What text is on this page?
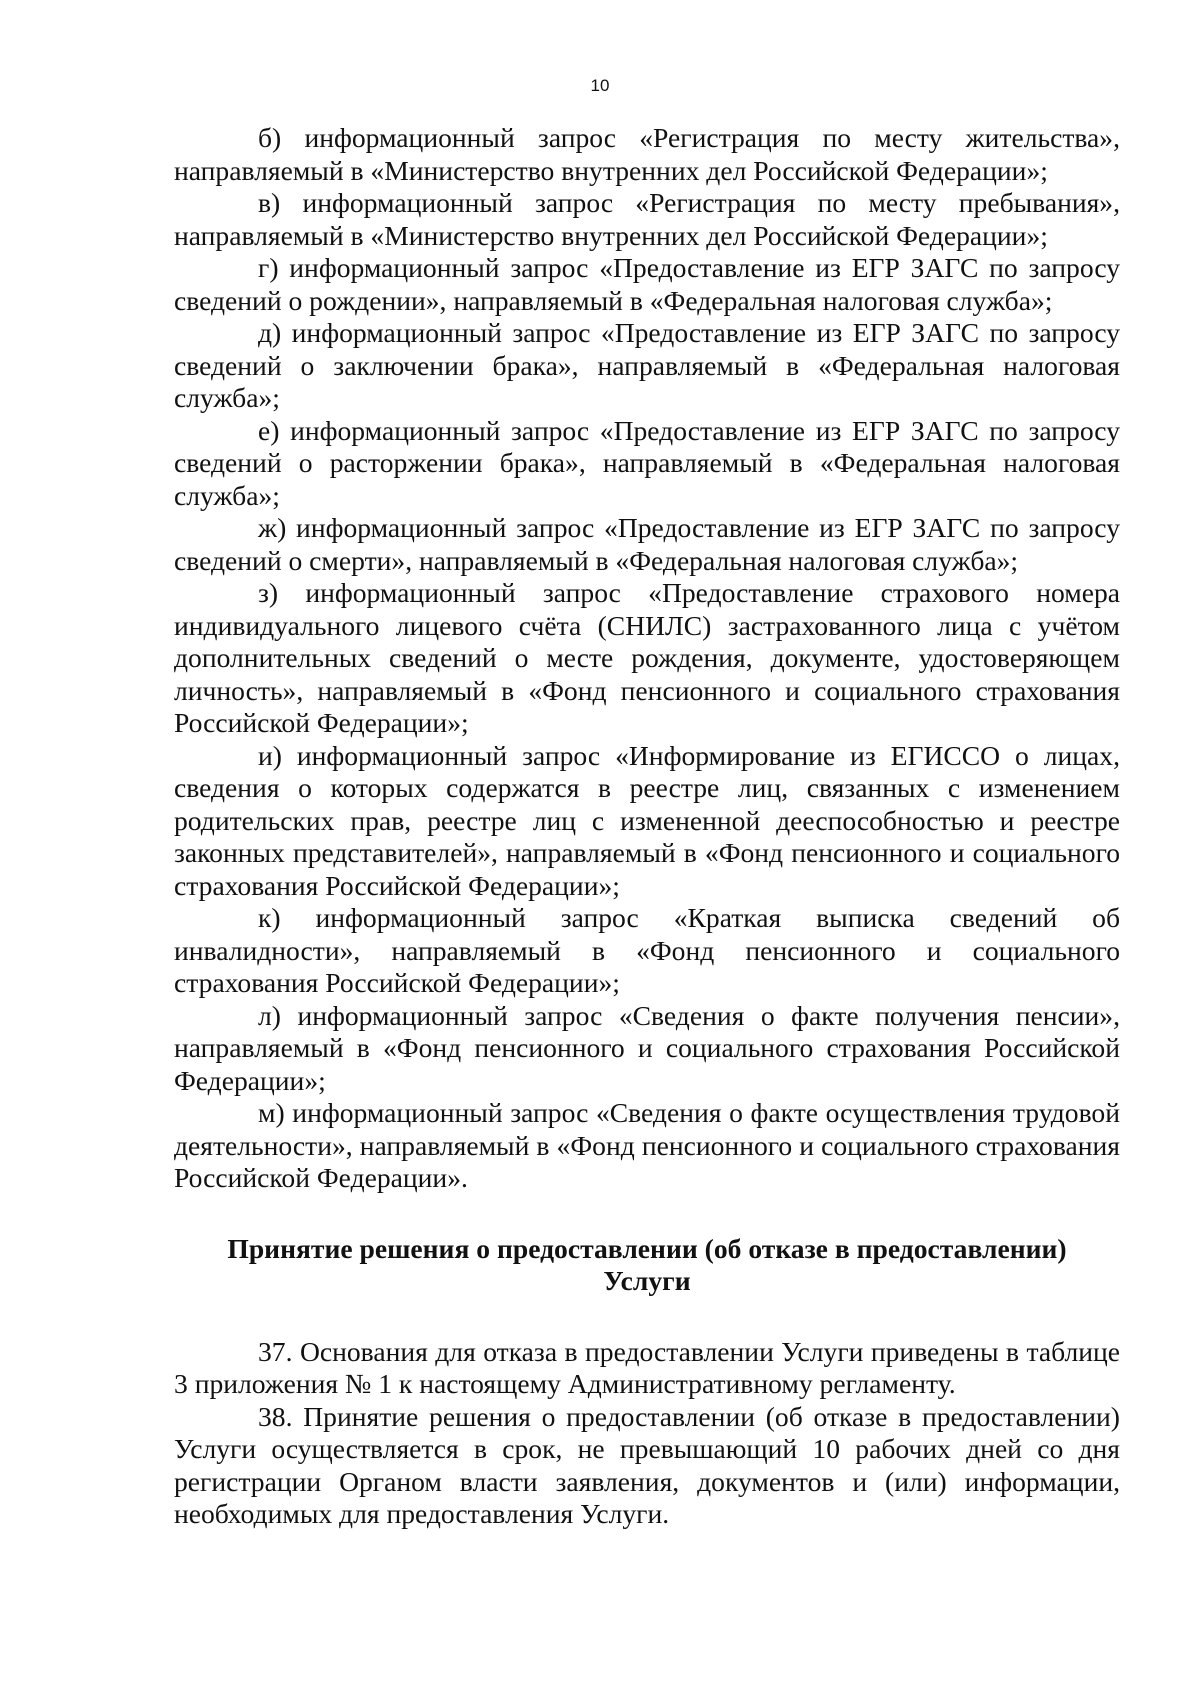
10

б) информационный запрос «Регистрация по месту жительства», направляемый в «Министерство внутренних дел Российской Федерации»;

в) информационный запрос «Регистрация по месту пребывания», направляемый в «Министерство внутренних дел Российской Федерации»;

г) информационный запрос «Предоставление из ЕГР ЗАГС по запросу сведений о рождении», направляемый в «Федеральная налоговая служба»;

д) информационный запрос «Предоставление из ЕГР ЗАГС по запросу сведений о заключении брака», направляемый в «Федеральная налоговая служба»;

е) информационный запрос «Предоставление из ЕГР ЗАГС по запросу сведений о расторжении брака», направляемый в «Федеральная налоговая служба»;

ж) информационный запрос «Предоставление из ЕГР ЗАГС по запросу сведений о смерти», направляемый в «Федеральная налоговая служба»;

з) информационный запрос «Предоставление страхового номера индивидуального лицевого счёта (СНИЛС) застрахованного лица с учётом дополнительных сведений о месте рождения, документе, удостоверяющем личность», направляемый в «Фонд пенсионного и социального страхования Российской Федерации»;

и) информационный запрос «Информирование из ЕГИССО о лицах, сведения о которых содержатся в реестре лиц, связанных с изменением родительских прав, реестре лиц с измененной дееспособностью и реестре законных представителей», направляемый в «Фонд пенсионного и социального страхования Российской Федерации»;

к) информационный запрос «Краткая выписка сведений об инвалидности», направляемый в «Фонд пенсионного и социального страхования Российской Федерации»;

л) информационный запрос «Сведения о факте получения пенсии», направляемый в «Фонд пенсионного и социального страхования Российской Федерации»;

м) информационный запрос «Сведения о факте осуществления трудовой деятельности», направляемый в «Фонд пенсионного и социального страхования Российской Федерации».

Принятие решения о предоставлении (об отказе в предоставлении)
Услуги

37. Основания для отказа в предоставлении Услуги приведены в таблице 3 приложения № 1 к настоящему Административному регламенту.

38. Принятие решения о предоставлении (об отказе в предоставлении) Услуги осуществляется в срок, не превышающий 10 рабочих дней со дня регистрации Органом власти заявления, документов и (или) информации, необходимых для предоставления Услуги.
